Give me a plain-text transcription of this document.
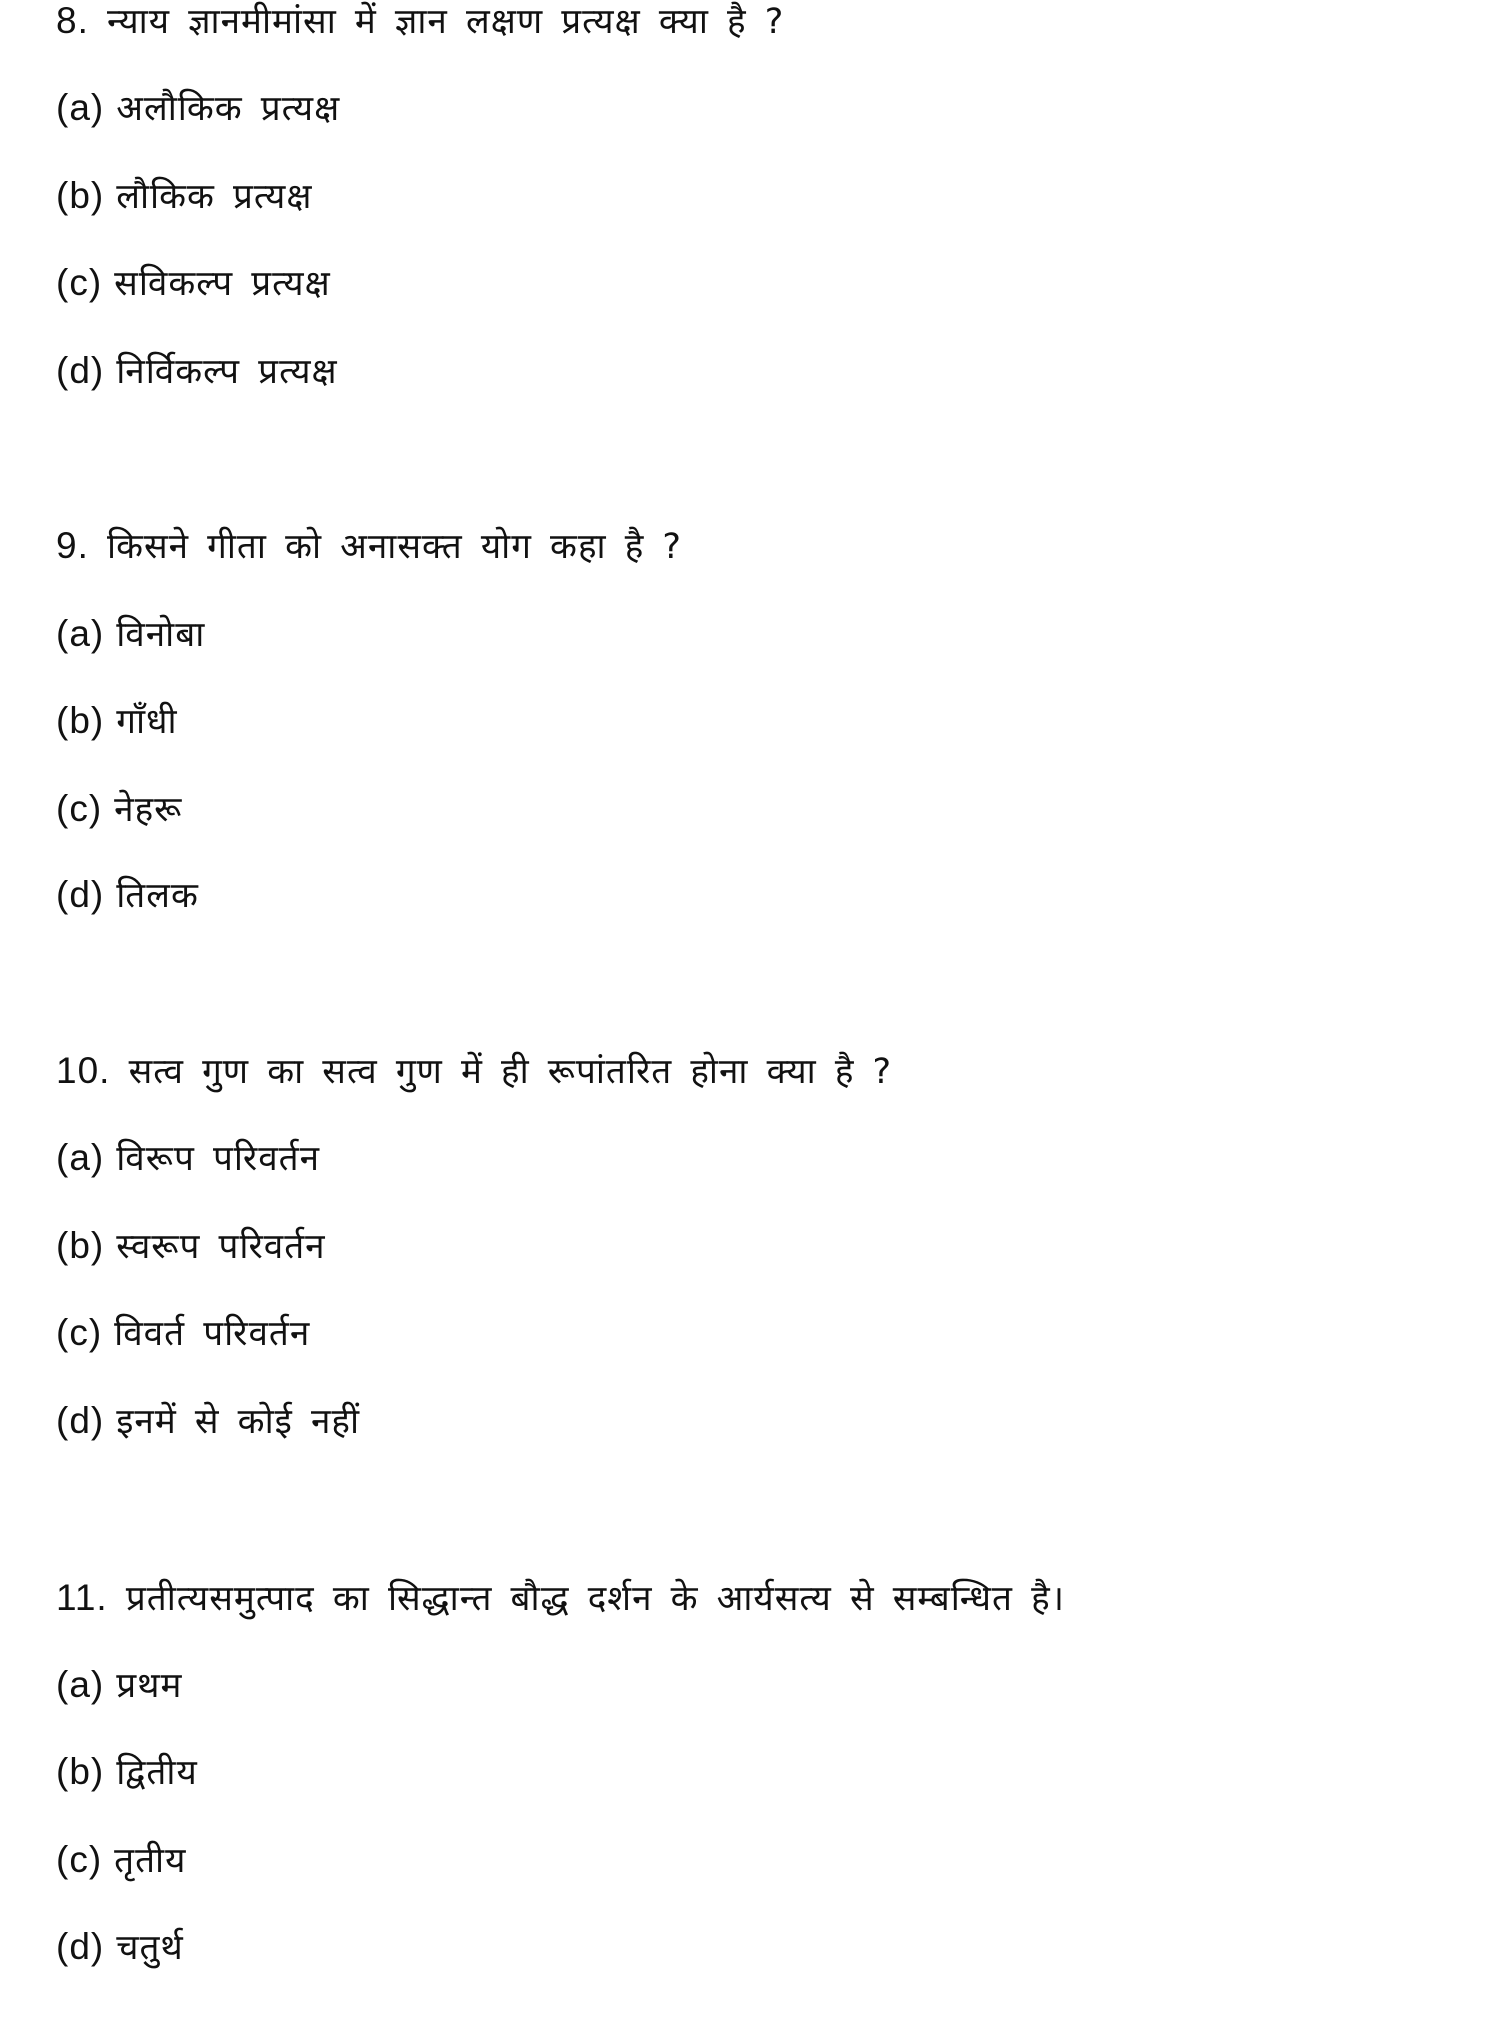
8. न्याय ज्ञानमीमांसा में ज्ञान लक्षण प्रत्यक्ष क्या है ?
(a) अलौकिक प्रत्यक्ष
(b) लौकिक प्रत्यक्ष
(c) सविकल्प प्रत्यक्ष
(d) निर्विकल्प प्रत्यक्ष
9. किसने गीता को अनासक्त योग कहा है ?
(a) विनोबा
(b) गाँधी
(c) नेहरू
(d) तिलक
10. सत्व गुण का सत्व गुण में ही रूपांतरित होना क्या है ?
(a) विरूप परिवर्तन
(b) स्वरूप परिवर्तन
(c) विवर्त परिवर्तन
(d) इनमें से कोई नहीं
11. प्रतीत्यसमुत्पाद का सिद्धान्त बौद्ध दर्शन के आर्यसत्य से सम्बन्धित है।
(a) प्रथम
(b) द्वितीय
(c) तृतीय
(d) चतुर्थ
